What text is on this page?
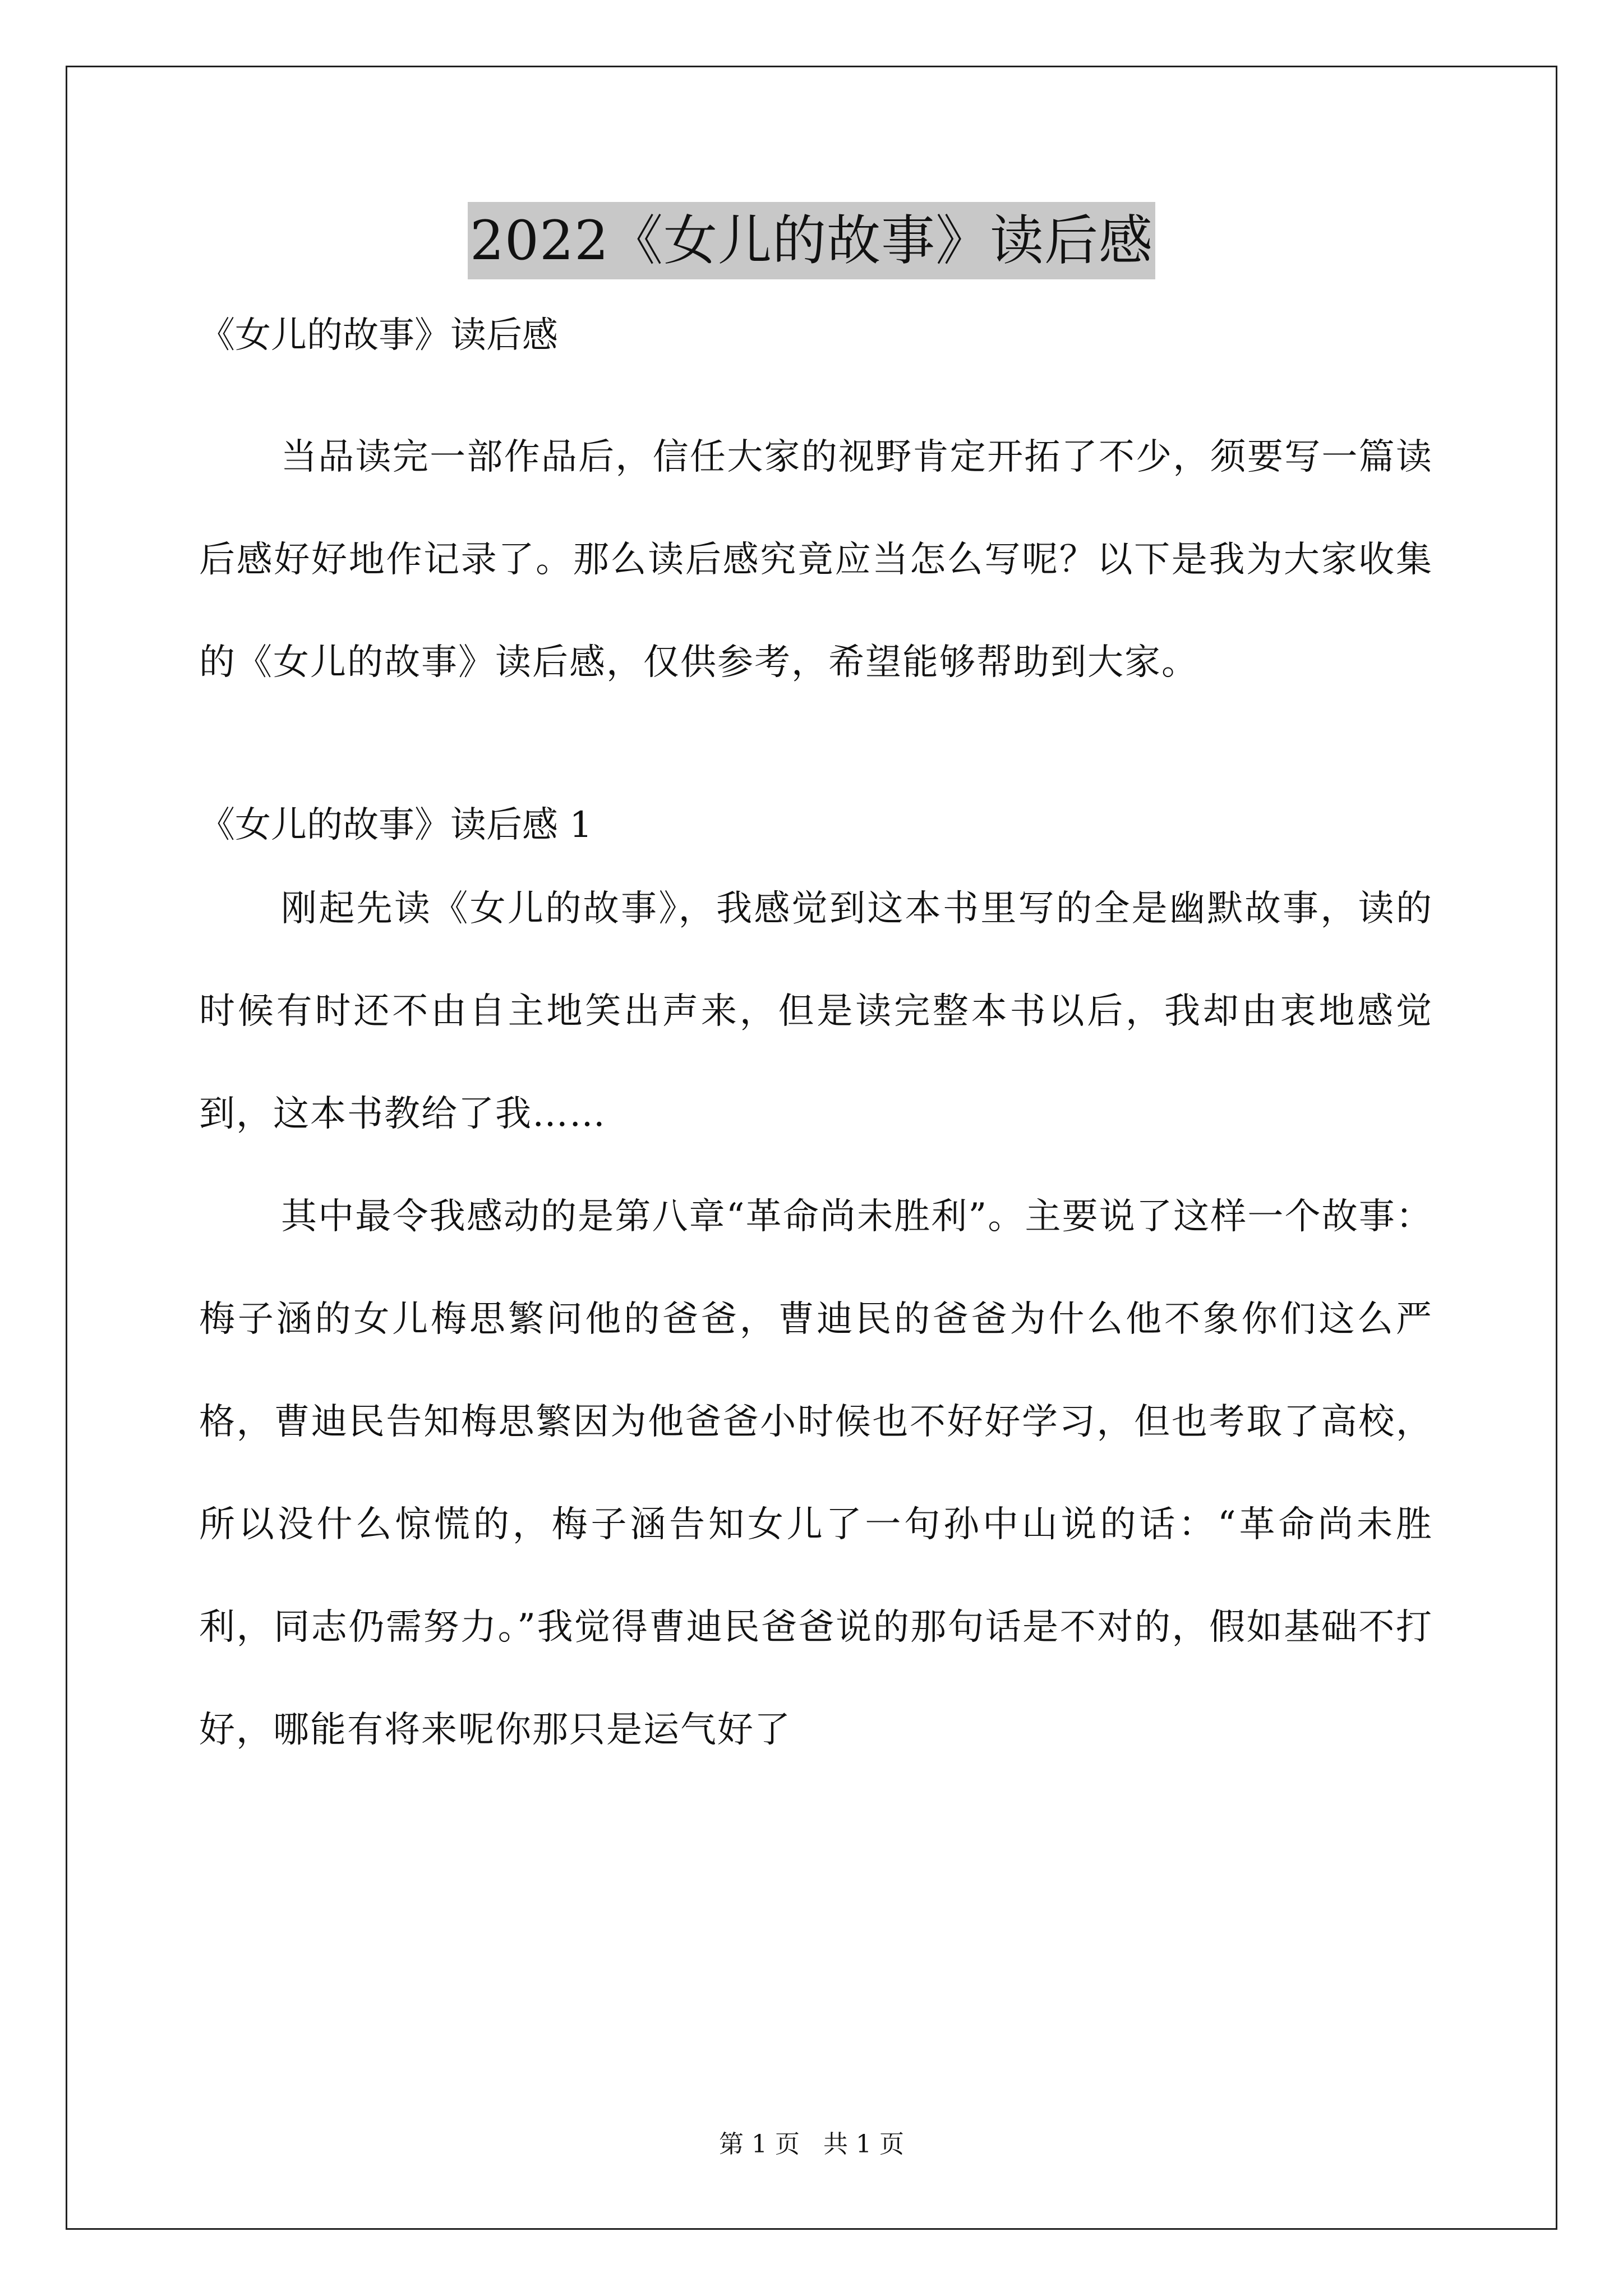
2022《女儿的故事》读后感

《女儿的故事》读后感

当品读完一部作品后，信任大家的视野肯定开拓了不少，须要写一篇读后感好好地作记录了。那么读后感究竟应当怎么写呢？以下是我为大家收集的《女儿的故事》读后感，仅供参考，希望能够帮助到大家。

《女儿的故事》读后感 1

刚起先读《女儿的故事》，我感觉到这本书里写的全是幽默故事，读的时候有时还不由自主地笑出声来，但是读完整本书以后，我却由衷地感觉到，这本书教给了我……

其中最令我感动的是第八章“革命尚未胜利”。主要说了这样一个故事：梅子涵的女儿梅思繁问他的爸爸，曹迪民的爸爸为什么他不象你们这么严格，曹迪民告知梅思繁因为他爸爸小时候也不好好学习，但也考取了高校，所以没什么惊慌的，梅子涵告知女儿了一句孙中山说的话：“革命尚未胜利，同志仍需努力。”我觉得曹迪民爸爸说的那句话是不对的，假如基础不打好，哪能有将来呢你那只是运气好了

第 1 页   共 1 页
